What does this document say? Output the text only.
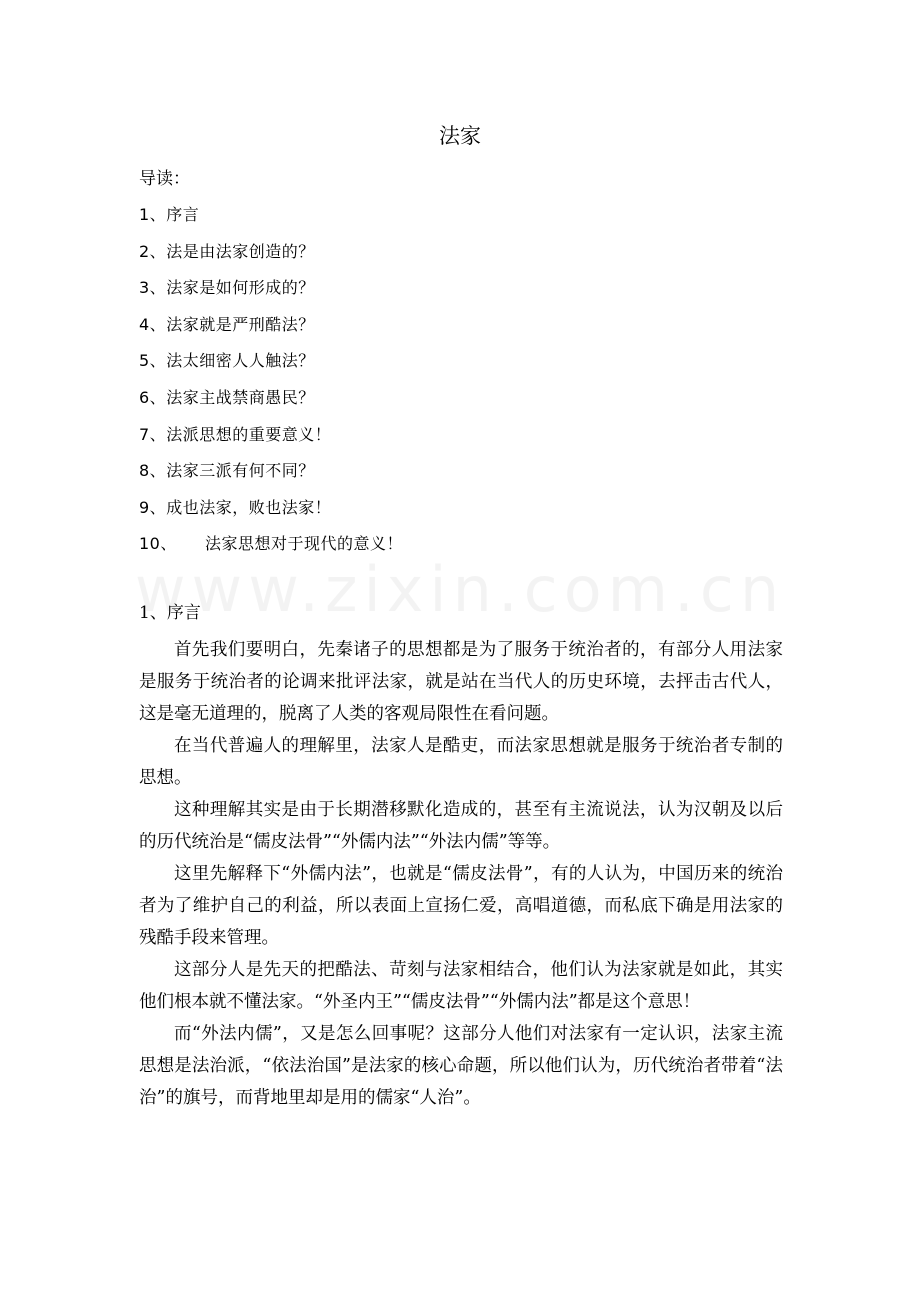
法家
导读：
1、序言
2、法是由法家创造的？
3、法家是如何形成的？
4、法家就是严刑酷法？
5、法太细密人人触法？
6、法家主战禁商愚民？
7、法派思想的重要意义！
8、法家三派有何不同？
9、成也法家，败也法家！
10、 法家思想对于现代的意义！
1、序言

首先我们要明白，先秦诸子的思想都是为了服务于统治者的，有部分人用法家是服务于统治者的论调来批评法家，就是站在当代人的历史环境，去抨击古代人，这是毫无道理的，脱离了人类的客观局限性在看问题。

在当代普遍人的理解里，法家人是酷吏，而法家思想就是服务于统治者专制的思想。

这种理解其实是由于长期潜移默化造成的，甚至有主流说法，认为汉朝及以后的历代统治是“儒皮法骨”“外儒内法”“外法内儒”等等。

这里先解释下“外儒内法”，也就是“儒皮法骨”，有的人认为，中国历来的统治者为了维护自己的利益，所以表面上宣扬仁爱，高唱道德，而私底下确是用法家的残酷手段来管理。

这部分人是先天的把酷法、苛刻与法家相结合，他们认为法家就是如此，其实他们根本就不懂法家。“外圣内王”“儒皮法骨”“外儒内法”都是这个意思！

而“外法内儒”，又是怎么回事呢？这部分人他们对法家有一定认识，法家主流思想是法治派，“依法治国”是法家的核心命题，所以他们认为，历代统治者带着“法治”的旗号，而背地里却是用的儒家“人治”。
